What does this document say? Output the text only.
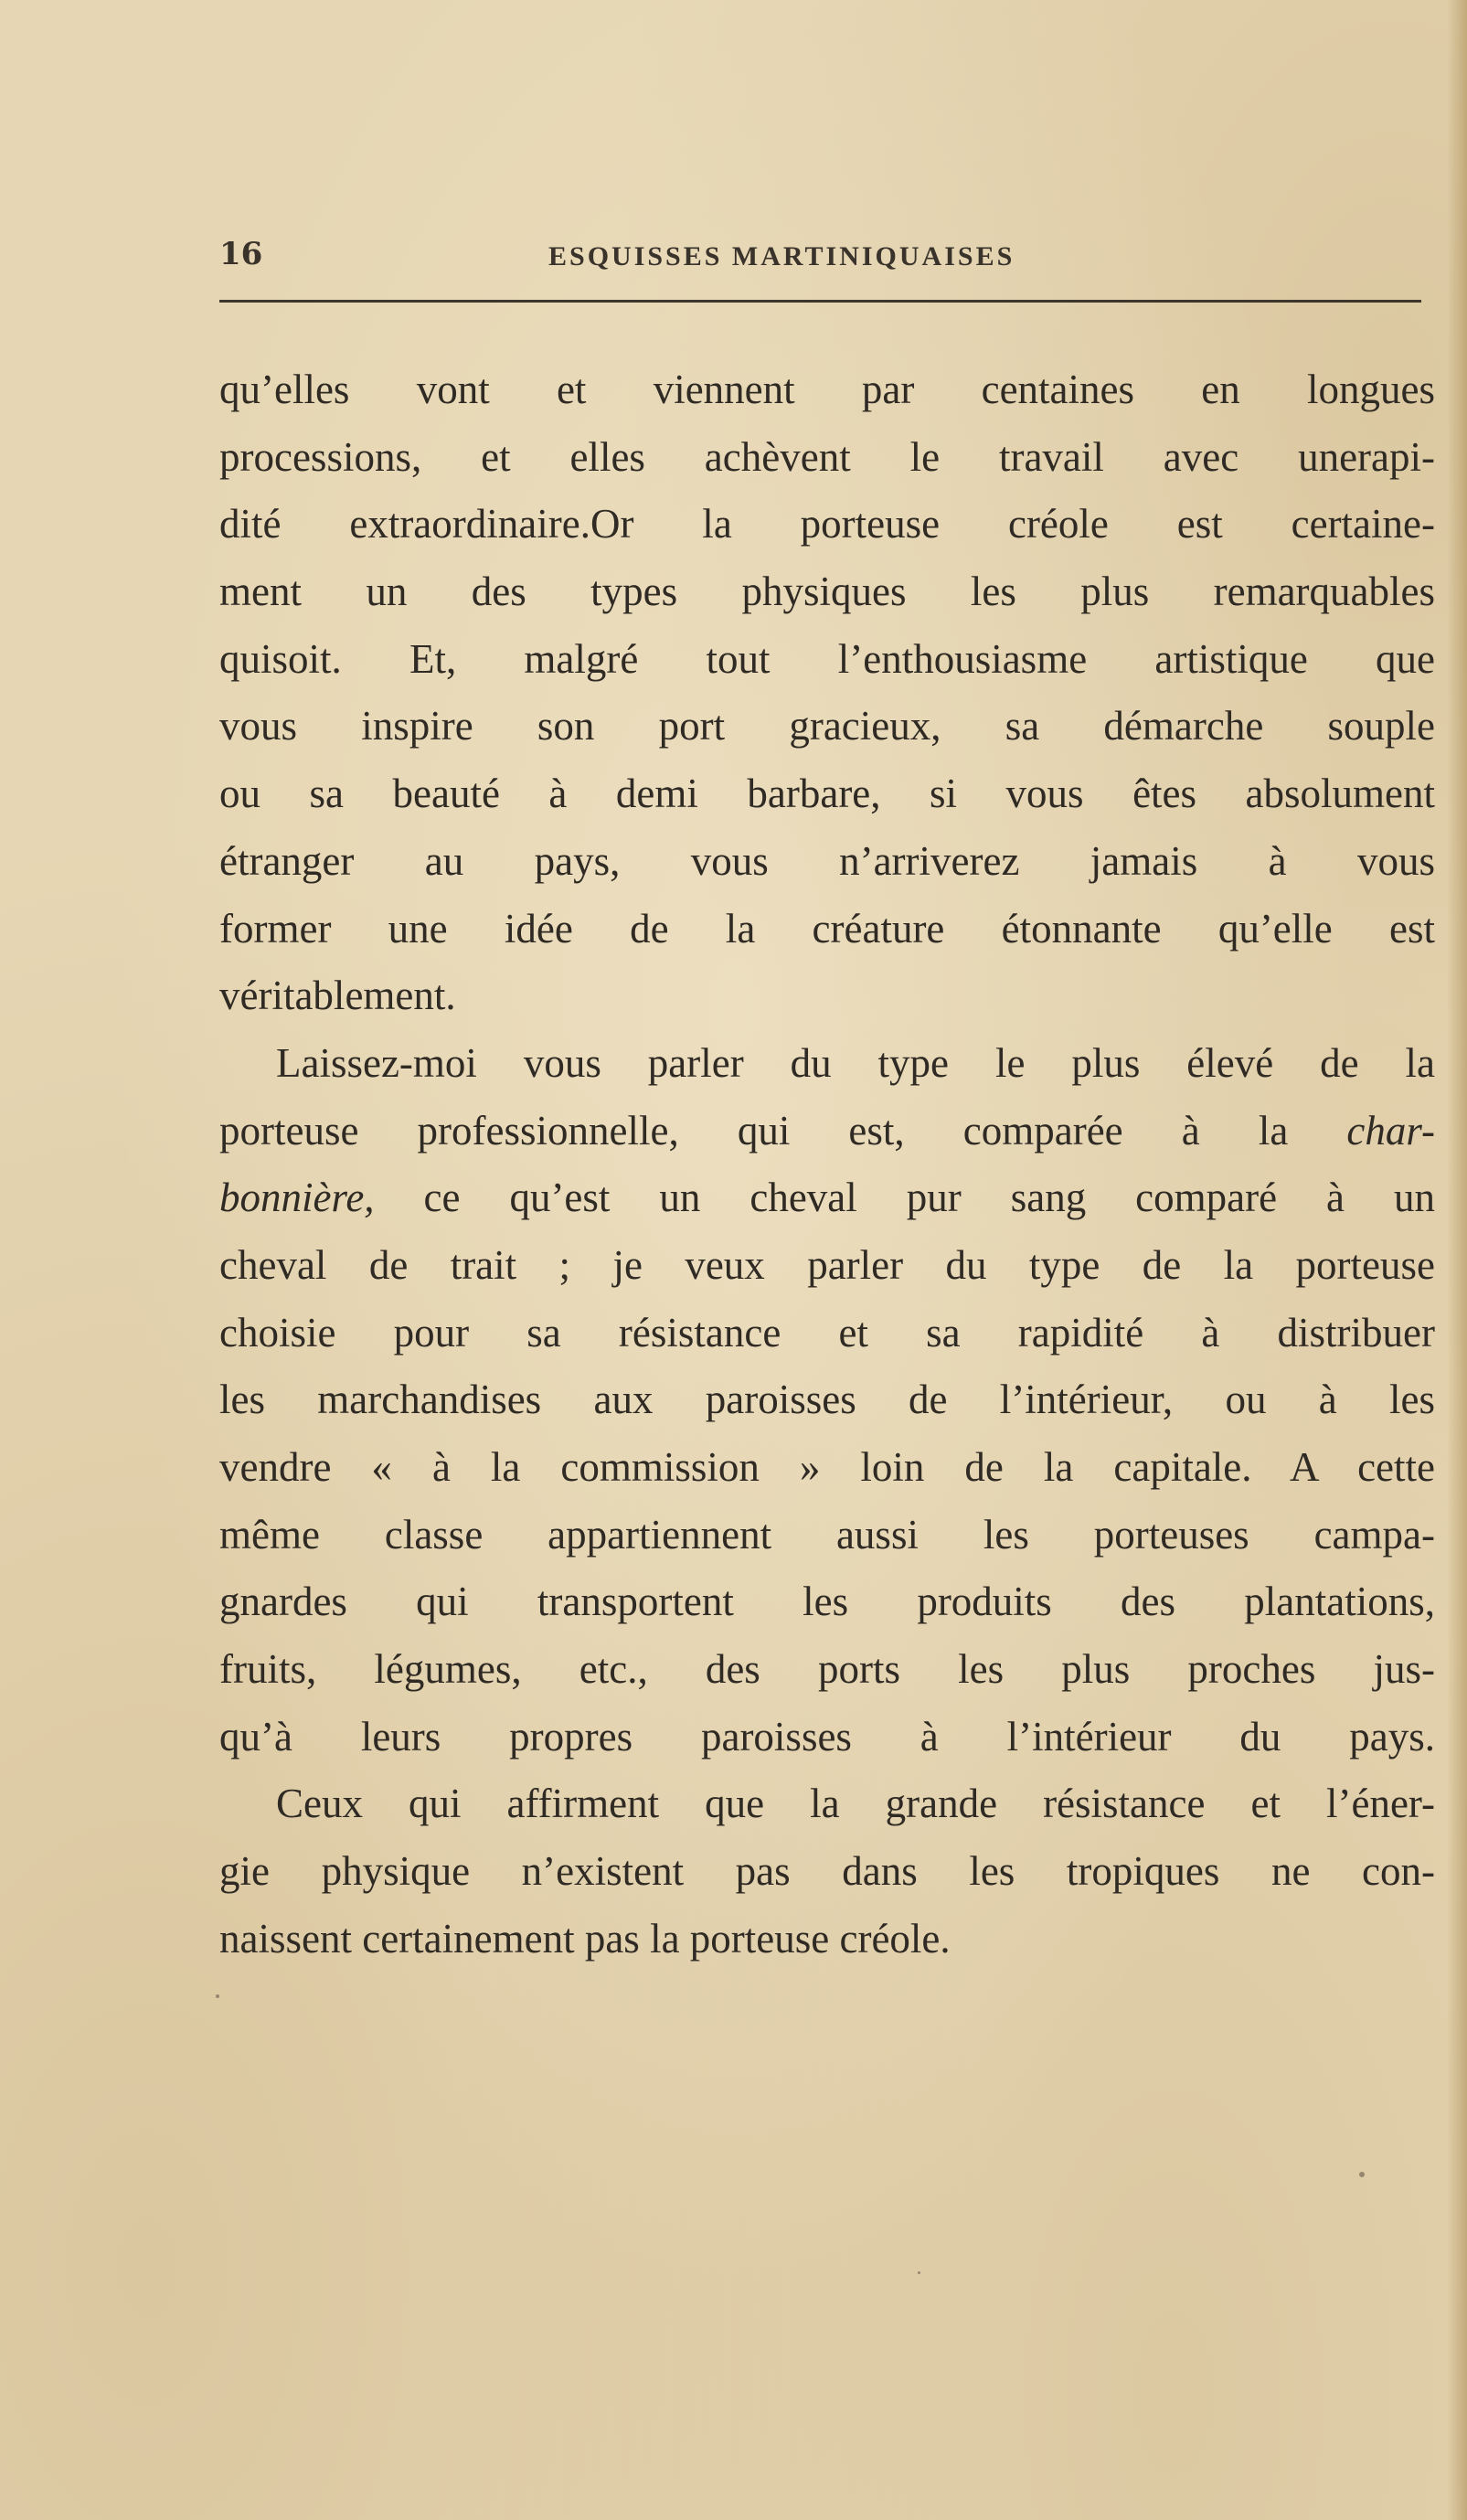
16	ESQUISSES MARTINIQUAISES
qu’elles vont et viennent par centaines en longues
processions, et elles achèvent le travail avec unerapi-
dité extraordinaire.Or la porteuse créole est certaine-
ment un des types physiques les plus remarquables
quisoit. Et, malgré tout l’enthousiasme artistique que
vous inspire son port gracieux, sa démarche souple
ou sa beauté à demi barbare, si vous êtes absolument
étranger au pays, vous n’arriverez jamais à vous
former une idée de la créature étonnante qu’elle est
véritablement.
Laissez-moi vous parler du type le plus élevé de la
porteuse professionnelle, qui est, comparée à la char-
bonnière, ce qu’est un cheval pur sang comparé à un
cheval de trait ; je veux parler du type de la porteuse
choisie pour sa résistance et sa rapidité à distribuer
les marchandises aux paroisses de l’intérieur, ou à les
vendre « à la commission » loin de la capitale. A cette
même classe appartiennent aussi les porteuses campa-
gnardes qui transportent les produits des plantations,
fruits, légumes, etc., des ports les plus proches jus-
qu’à leurs propres paroisses à l’intérieur du pays.
Ceux qui affirment que la grande résistance et l’éner-
gie physique n’existent pas dans les tropiques ne con-
naissent certainement pas la porteuse créole.
